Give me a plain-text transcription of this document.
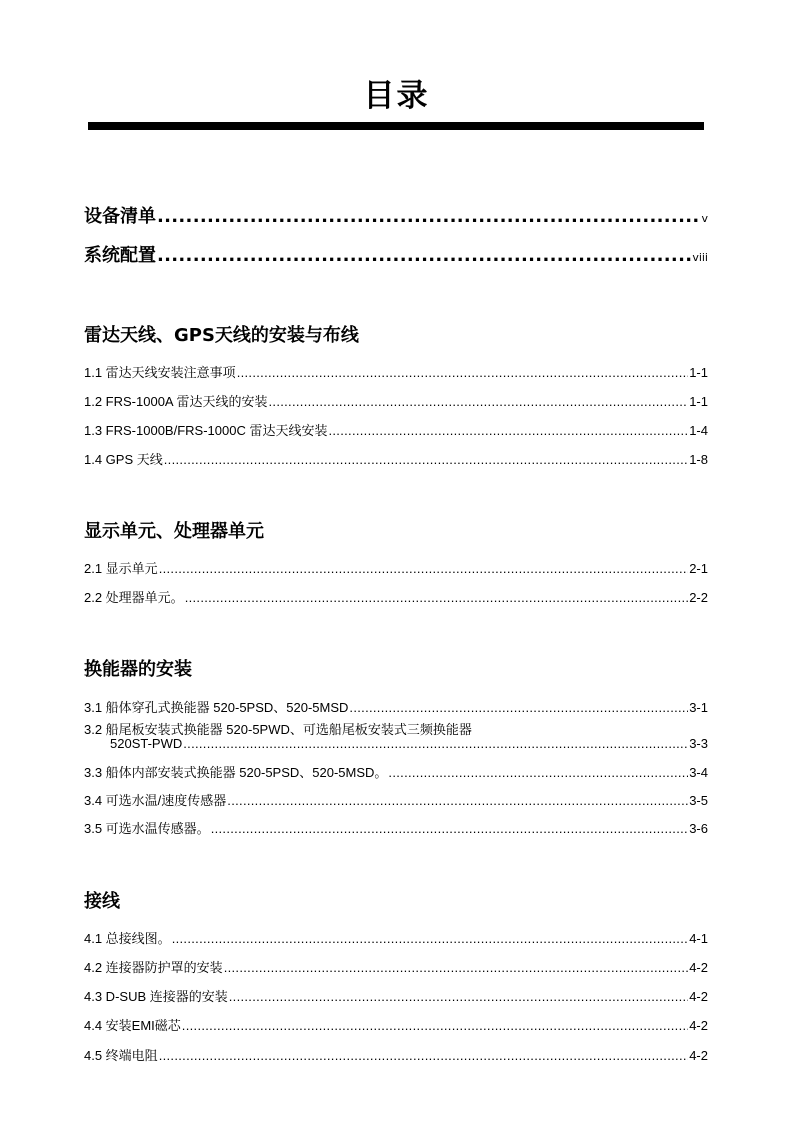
目录
设备清单 .....	v
系统配置 .....	viii
雷达天线、GPS天线的安装与布线
1.1 雷达天线安装注意事项 .....	1-1
1.2 FRS-1000A 雷达天线的安装 .....	1-1
1.3 FRS-1000B/FRS-1000C 雷达天线安装 .....	1-4
1.4 GPS 天线 .....	1-8
显示单元、处理器单元
2.1 显示单元 .....	2-1
2.2 处理器单元。 .....	2-2
换能器的安装
3.1 船体穿孔式换能器 520-5PSD、520-5MSD .....	3-1
3.2 船尾板安装式换能器 520-5PWD、可选船尾板安装式三频换能器
520ST-PWD .....	3-3
3.3 船体内部安装式换能器 520-5PSD、520-5MSD。 .....	3-4
3.4 可选水温/速度传感器 .....	3-5
3.5 可选水温传感器。 .....	3-6
接线
4.1 总接线图。 .....	4-1
4.2 连接器防护罩的安装 .....	4-2
4.3 D-SUB 连接器的安装 .....	4-2
4.4 安装EMI磁芯 .....	4-2
4.5 终端电阻 .....	4-2
